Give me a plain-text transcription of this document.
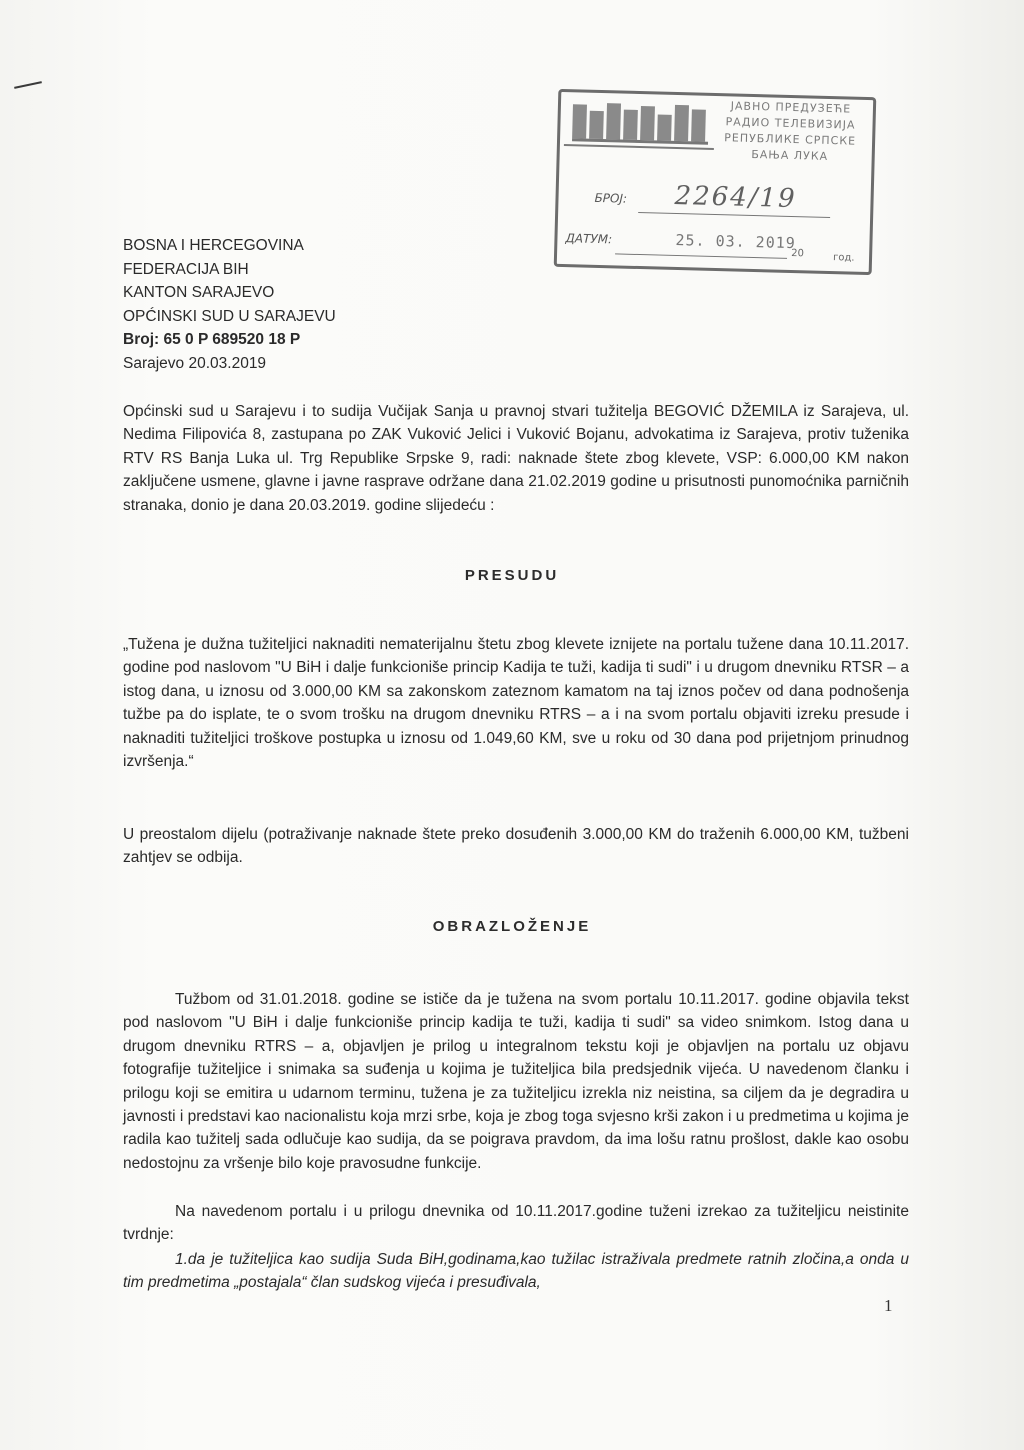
ЈАВНО ПРЕДУЗЕЋЕ
РАДИО ТЕЛЕВИЗИЈА
РЕПУБЛИКЕ СРПСКЕ
БАЊА ЛУКА
БРОЈ: 2264/19
ДАТУМ:	25. 03. 2019
20	год.
BOSNA I HERCEGOVINA
FEDERACIJA BIH
KANTON SARAJEVO
OPĆINSKI SUD U SARAJEVU
Broj: 65 0 P 689520 18 P
Sarajevo 20.03.2019
Općinski sud u Sarajevu i to sudija Vučijak Sanja u pravnoj stvari tužitelja BEGOVIĆ DŽEMILA iz Sarajeva, ul. Nedima Filipovića 8, zastupana po ZAK Vuković Jelici i Vuković Bojanu, advokatima iz Sarajeva, protiv tuženika RTV RS Banja Luka ul. Trg Republike Srpske 9, radi: naknade štete zbog klevete, VSP: 6.000,00 KM nakon zaključene usmene, glavne i javne rasprave održane dana 21.02.2019 godine u prisutnosti punomoćnika parničnih stranaka, donio je dana 20.03.2019. godine slijedeću :
PRESUDU
„Tužena je dužna tužiteljici naknaditi nematerijalnu štetu zbog klevete iznijete na portalu tužene dana 10.11.2017. godine pod naslovom "U BiH i dalje funkcioniše princip Kadija te tuži, kadija ti sudi" i u drugom dnevniku RTSR – a istog dana, u iznosu od 3.000,00 KM sa zakonskom zateznom kamatom na taj iznos počev od dana podnošenja tužbe pa do isplate, te o svom trošku na drugom dnevniku RTRS – a i na svom portalu objaviti izreku presude i naknaditi tužiteljici troškove postupka u iznosu od 1.049,60 KM, sve u roku od 30 dana pod prijetnjom prinudnog izvršenja.“
U preostalom dijelu (potraživanje naknade štete preko dosuđenih 3.000,00 KM do traženih 6.000,00 KM, tužbeni zahtjev se odbija.
OBRAZLOŽENJE
Tužbom od 31.01.2018. godine se ističe da je tužena na svom portalu 10.11.2017. godine objavila tekst pod naslovom "U BiH i dalje funkcioniše princip kadija te tuži, kadija ti sudi" sa video snimkom. Istog dana u drugom dnevniku RTRS – a, objavljen je prilog u integralnom tekstu koji je objavljen na portalu uz objavu fotografije tužiteljice i snimaka sa suđenja u kojima je tužiteljica bila predsjednik vijeća. U navedenom članku i prilogu koji se emitira u udarnom terminu, tužena je za tužiteljicu izrekla niz neistina, sa ciljem da je degradira u javnosti i predstavi kao nacionalistu koja mrzi srbe, koja je zbog toga svjesno krši zakon i u predmetima u kojima je radila kao tužitelj sada odlučuje kao sudija, da se poigrava pravdom, da ima lošu ratnu prošlost, dakle kao osobu nedostojnu za vršenje bilo koje pravosudne funkcije.
Na navedenom portalu i u prilogu dnevnika od 10.11.2017.godine tuženi izrekao za tužiteljicu neistinite tvrdnje:
1.da je tužiteljica kao sudija Suda BiH,godinama,kao tužilac istraživala predmete ratnih zločina,a onda u tim predmetima „postajala“ član sudskog vijeća i presuđivala,
1
